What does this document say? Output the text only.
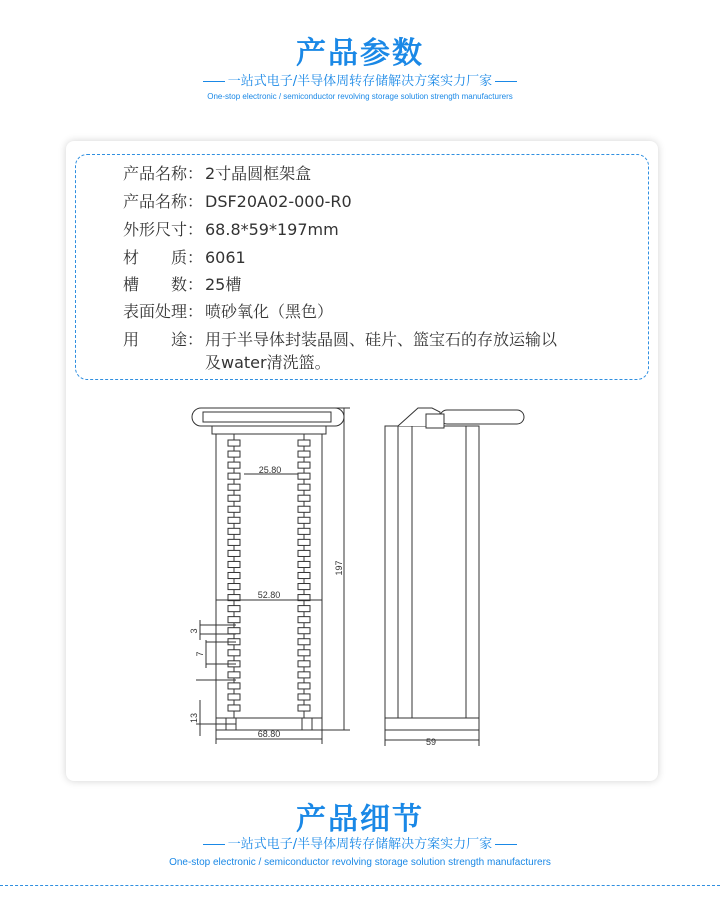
产品参数
一站式电子/半导体周转存储解决方案实力厂家
One-stop electronic / semiconductor revolving storage solution strength manufacturers
产品名称： 2寸晶圆框架盒
产品名称： DSF20A02-000-R0
外形尺寸： 68.8*59*197mm
材　　质： 6061
槽　　数： 25槽
表面处理： 喷砂氧化（黑色）
用　　途： 用于半导体封装晶圆、硅片、篮宝石的存放运输以
及water清洗篮。
25.80
52.80
68.80
59
197
3
7
13
产品细节
一站式电子/半导体周转存储解决方案实力厂家
One-stop electronic / semiconductor revolving storage solution strength manufacturers
